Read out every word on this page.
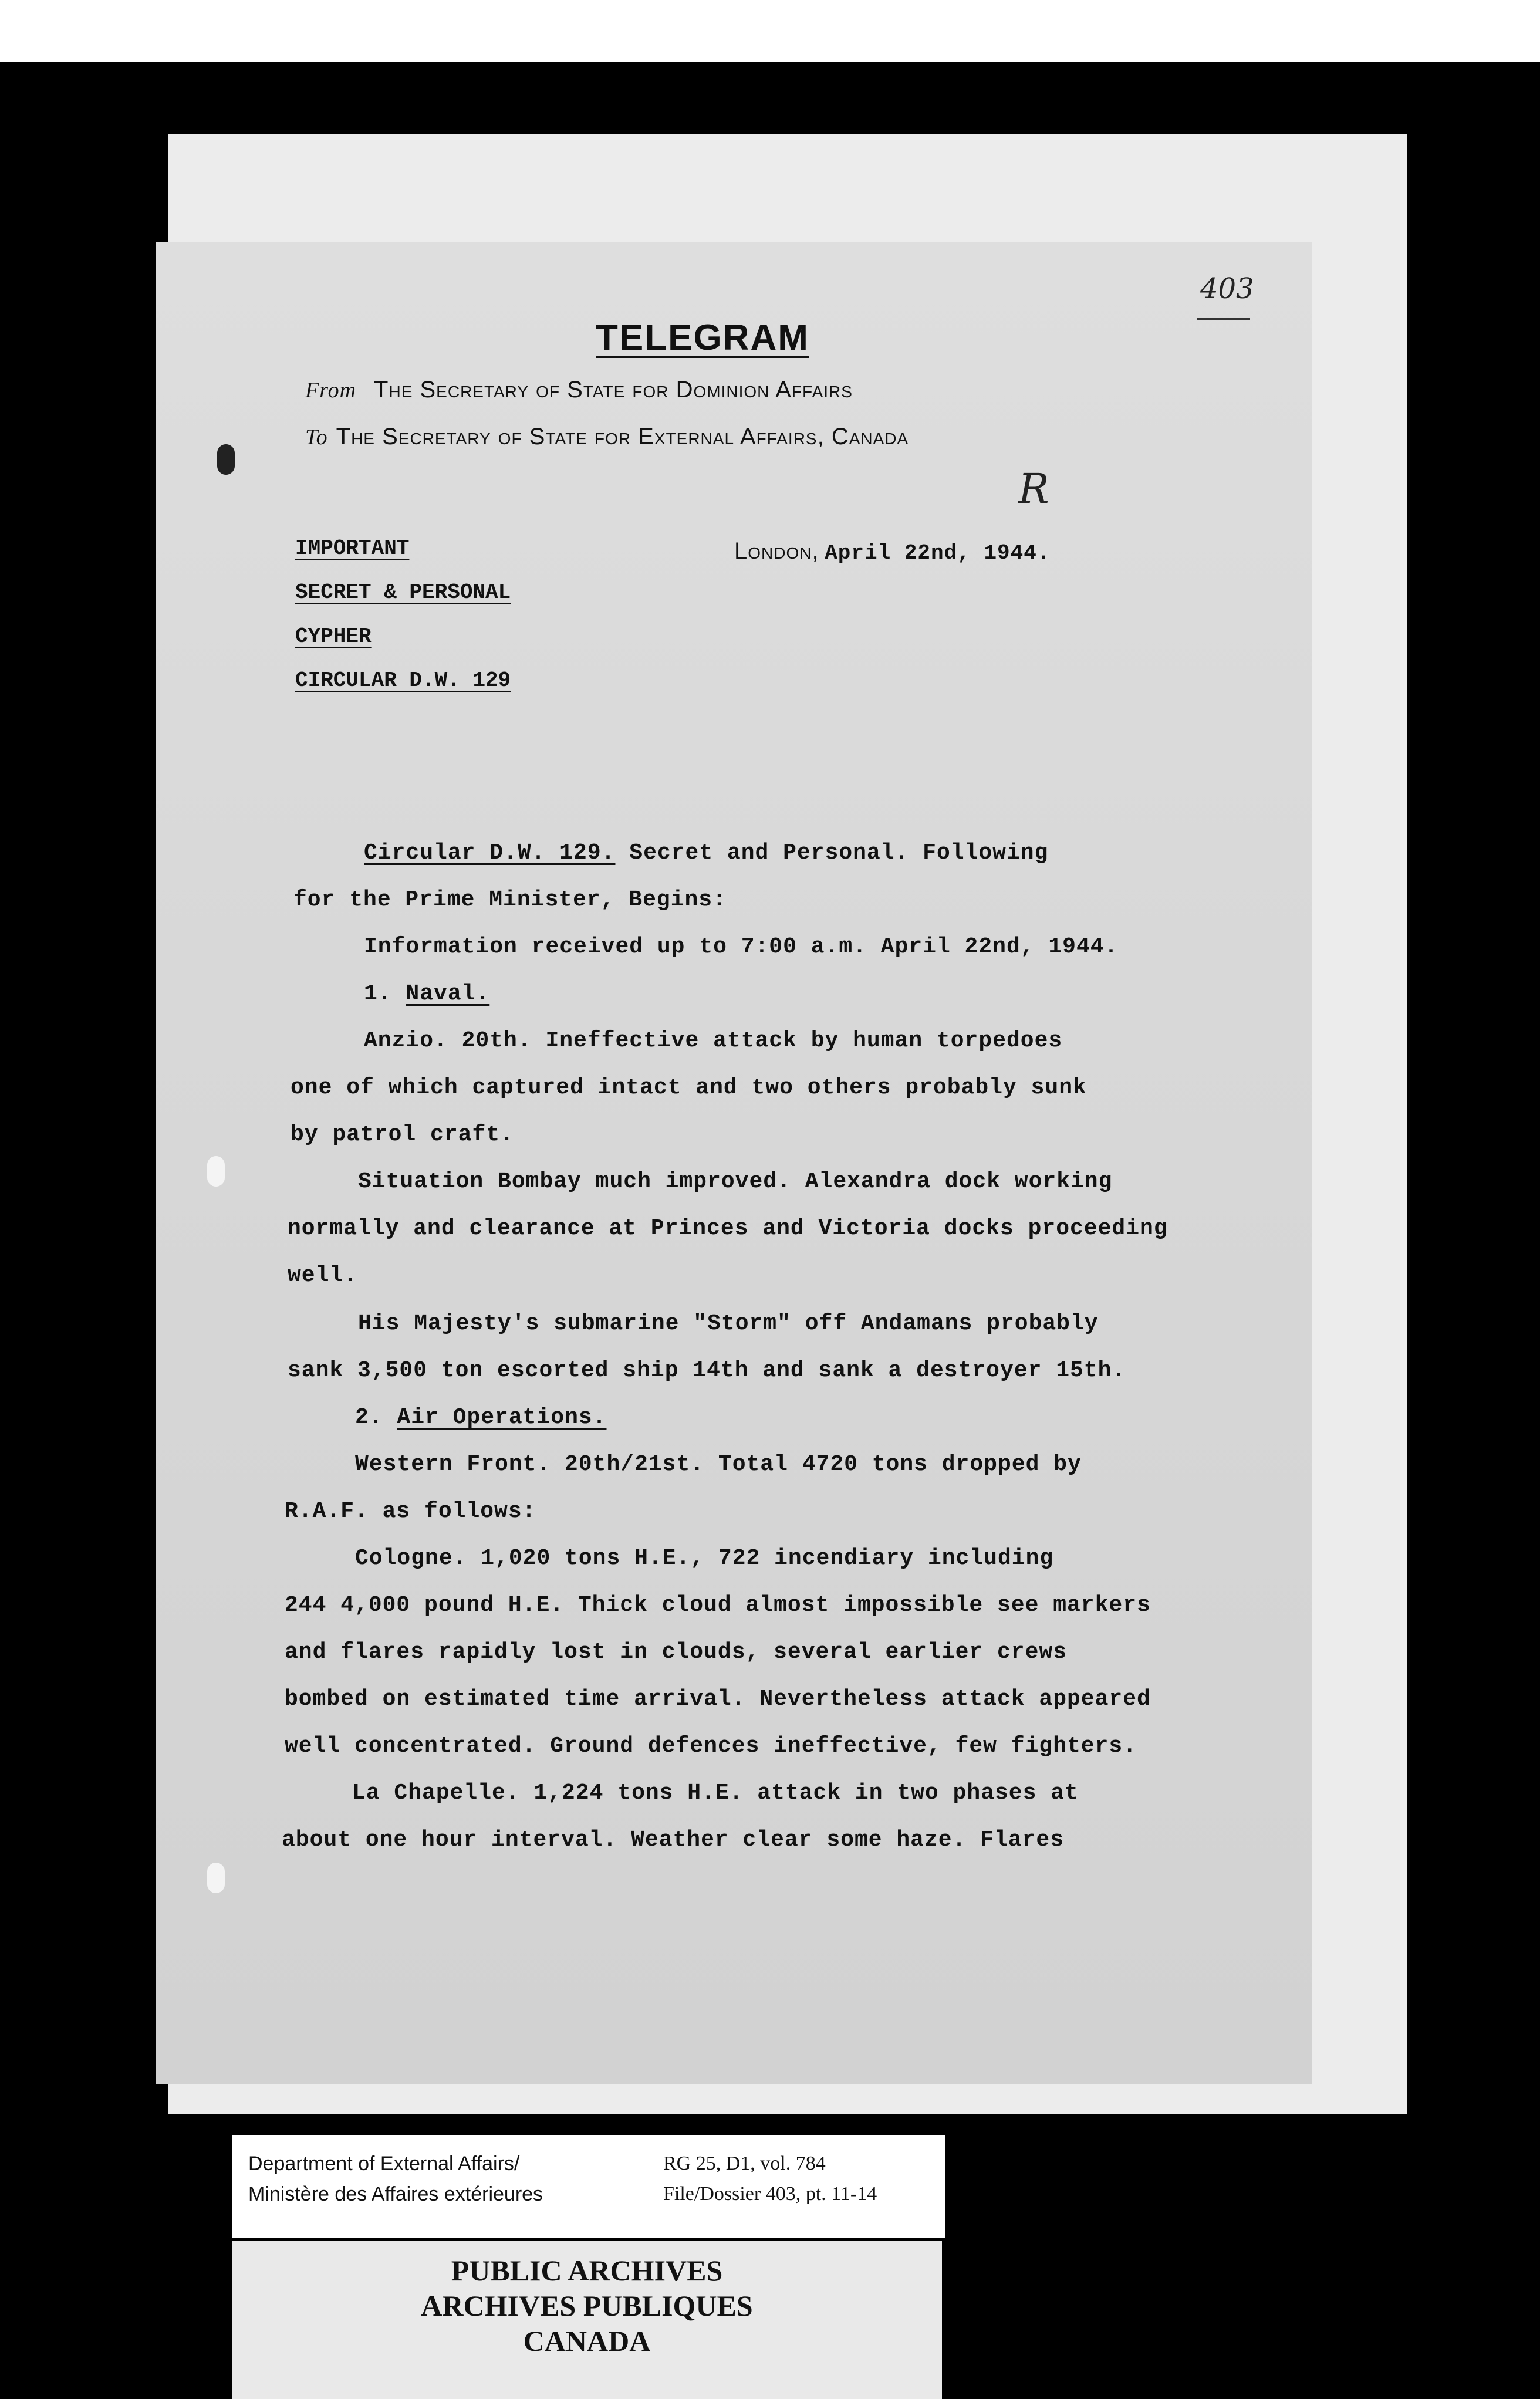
403
TELEGRAM
From The Secretary of State for Dominion Affairs
To The Secretary of State for External Affairs, Canada
R
IMPORTANT
SECRET & PERSONAL
CYPHER
CIRCULAR D.W. 129
London, April 22nd, 1944.
Circular D.W. 129. Secret and Personal. Following
for the Prime Minister, Begins:
Information received up to 7:00 a.m. April 22nd, 1944.
1. Naval.
Anzio. 20th. Ineffective attack by human torpedoes
one of which captured intact and two others probably sunk
by patrol craft.
Situation Bombay much improved. Alexandra dock working
normally and clearance at Princes and Victoria docks proceeding
well.
His Majesty's submarine "Storm" off Andamans probably
sank 3,500 ton escorted ship 14th and sank a destroyer 15th.
2. Air Operations.
Western Front. 20th/21st. Total 4720 tons dropped by
R.A.F. as follows:
Cologne. 1,020 tons H.E., 722 incendiary including
244 4,000 pound H.E. Thick cloud almost impossible see markers
and flares rapidly lost in clouds, several earlier crews
bombed on estimated time arrival. Nevertheless attack appeared
well concentrated. Ground defences ineffective, few fighters.
La Chapelle. 1,224 tons H.E. attack in two phases at
about one hour interval. Weather clear some haze. Flares
Department of External Affairs/
Ministère des Affaires extérieures
RG 25, D1, vol. 784
File/Dossier 403, pt. 11-14
PUBLIC ARCHIVES
ARCHIVES PUBLIQUES
CANADA
